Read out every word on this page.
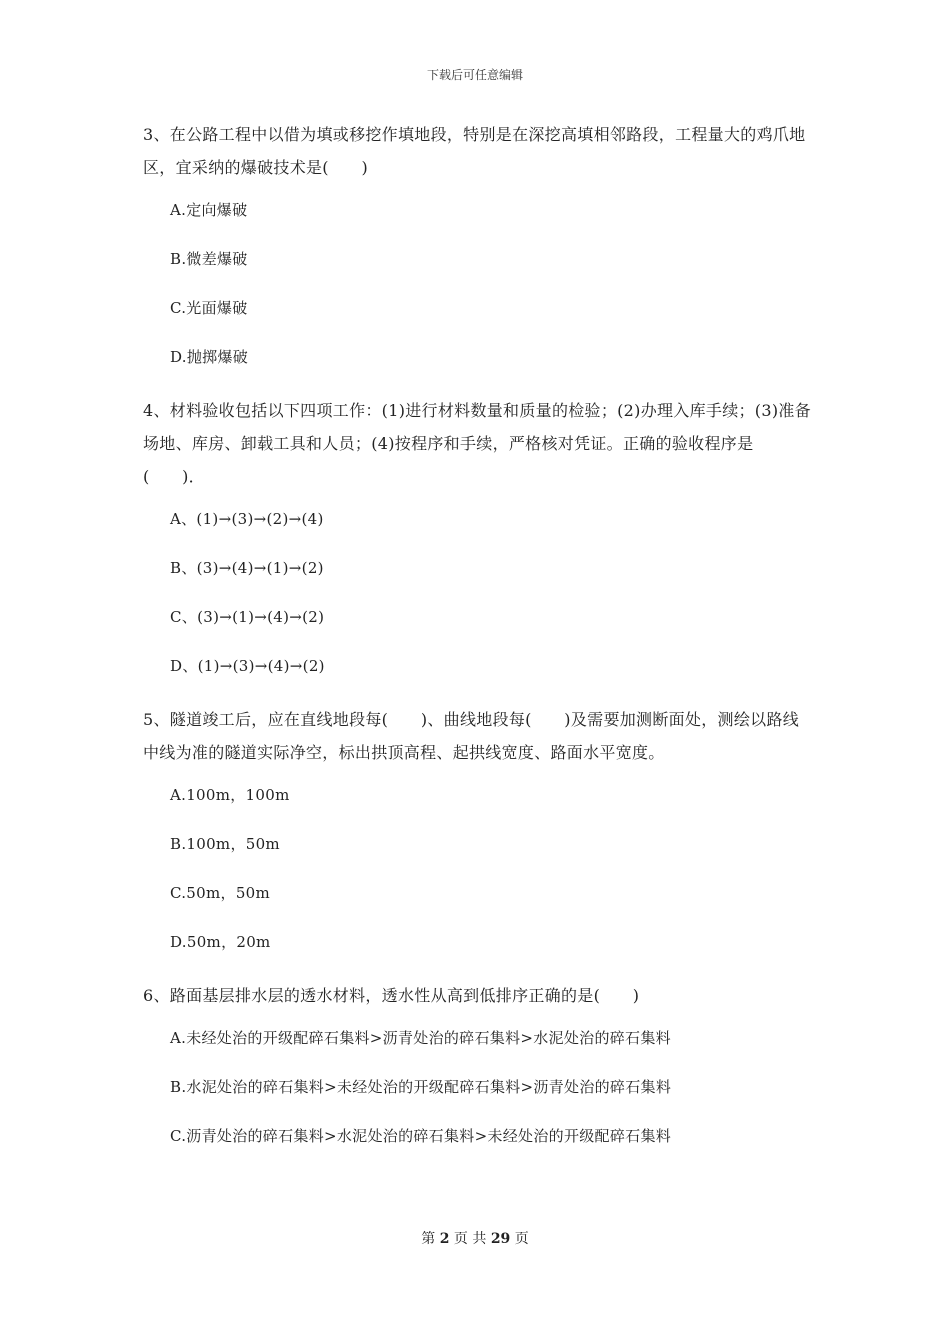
下载后可任意编辑

3、在公路工程中以借为填或移挖作填地段，特别是在深挖高填相邻路段，工程量大的鸡爪地区，宜采纳的爆破技术是(　　)

A.定向爆破

B.微差爆破

C.光面爆破

D.抛掷爆破

4、材料验收包括以下四项工作：(1)进行材料数量和质量的检验；(2)办理入库手续；(3)准备场地、库房、卸载工具和人员；(4)按程序和手续，严格核对凭证。正确的验收程序是(　　)．

A、(1)→(3)→(2)→(4)

B、(3)→(4)→(1)→(2)

C、(3)→(1)→(4)→(2)

D、(1)→(3)→(4)→(2)

5、隧道竣工后，应在直线地段每(　　)、曲线地段每(　　)及需要加测断面处，测绘以路线中线为准的隧道实际净空，标出拱顶高程、起拱线宽度、路面水平宽度。

A.100m，100m

B.100m，50m

C.50m，50m

D.50m，20m

6、路面基层排水层的透水材料，透水性从高到低排序正确的是(　　)

A.未经处治的开级配碎石集料>沥青处治的碎石集料>水泥处治的碎石集料

B.水泥处治的碎石集料>未经处治的开级配碎石集料>沥青处治的碎石集料

C.沥青处治的碎石集料>水泥处治的碎石集料>未经处治的开级配碎石集料

第 2 页 共 29 页
